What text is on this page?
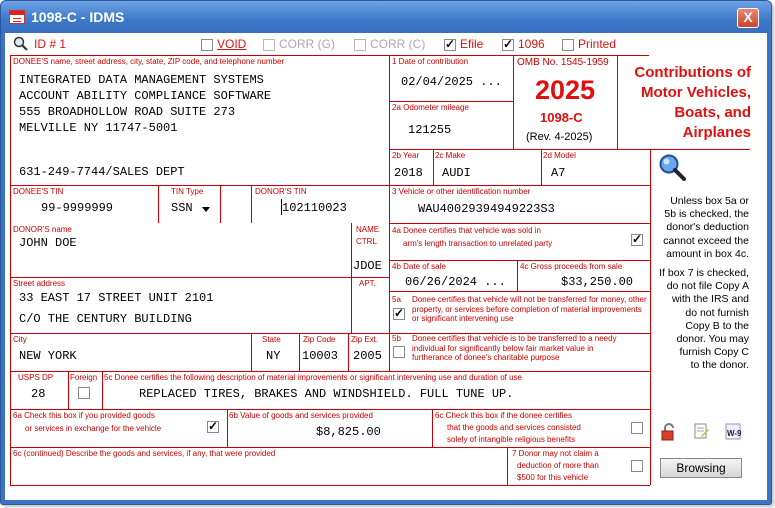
1098-C - IDMS	X
ID # 1	VOID	CORR (G)	CORR (C) ✓	Efile ✓	1096	Printed
DONEE'S name, street address, city, state, ZIP code, and telephone number
INTEGRATED DATA MANAGEMENT SYSTEMS
ACCOUNT ABILITY COMPLIANCE SOFTWARE
555 BROADHOLLOW ROAD SUITE 273
MELVILLE NY 11747-5001
631-249-7744/SALES DEPT
1 Date of contribution
02/04/2025 ...
OMB No. 1545-1959
2025
1098-C
(Rev. 4-2025)
Contributions of Motor Vehicles, Boats, and Airplanes
2a Odometer mileage
121255
2b Year
2018
2c Make
AUDI
2d Model
A7
DONEE'S TIN
99-9999999
TIN Type
SSN
DONOR'S TIN
102110023
3 Vehicle or other identification number
WAU40029394949223S3
DONOR'S name
JOHN DOE
NAME
CTRL
JDOE
4a Donee certifies that vehicle was sold in
arm's length transaction to unrelated party
✓
4b Date of sale
06/26/2024 ...
4c Gross proceeds from sale
$33,250.00
Street address
33 EAST 17 STREET UNIT 2101
C/O THE CENTURY BUILDING
APT.
5a
✓ Donee certifies that vehicle will not be transferred for money, other property, or services before completion of material improvements or significant intervening use
5b Donee certifies that vehicle is to be transferred to a needy individual for significantly below fair market value in furtherance of donee's charitable purpose
City
NEW YORK
State
NY
Zip Code
10003
Zip Ext.
2005
USPS DP
28
Foreign 5c Donee certifies the following description of material improvements or significant intervening use and duration of use
REPLACED TIRES, BRAKES AND WINDSHIELD. FULL TUNE UP.
6a Check this box if you provided goods
or services in exchange for the vehicle
✓
6b Value of goods and services provided
$8,825.00
6c Check this box if the donee certifies
that the goods and services consisted
solely of intangible religious benefits
6c (continued) Describe the goods and services, if any, that were provided	7 Donor may not claim a
deduction of more than
$500 for this vehicle
Unless box 5a or
5b is checked, the
donor's deduction
cannot exceed the
amount in box 4c.
If box 7 is checked,
do not file Copy A
with the IRS and
do not furnish
Copy B to the
donor. You may
furnish Copy C
to the donor.
W-9
Browsing
